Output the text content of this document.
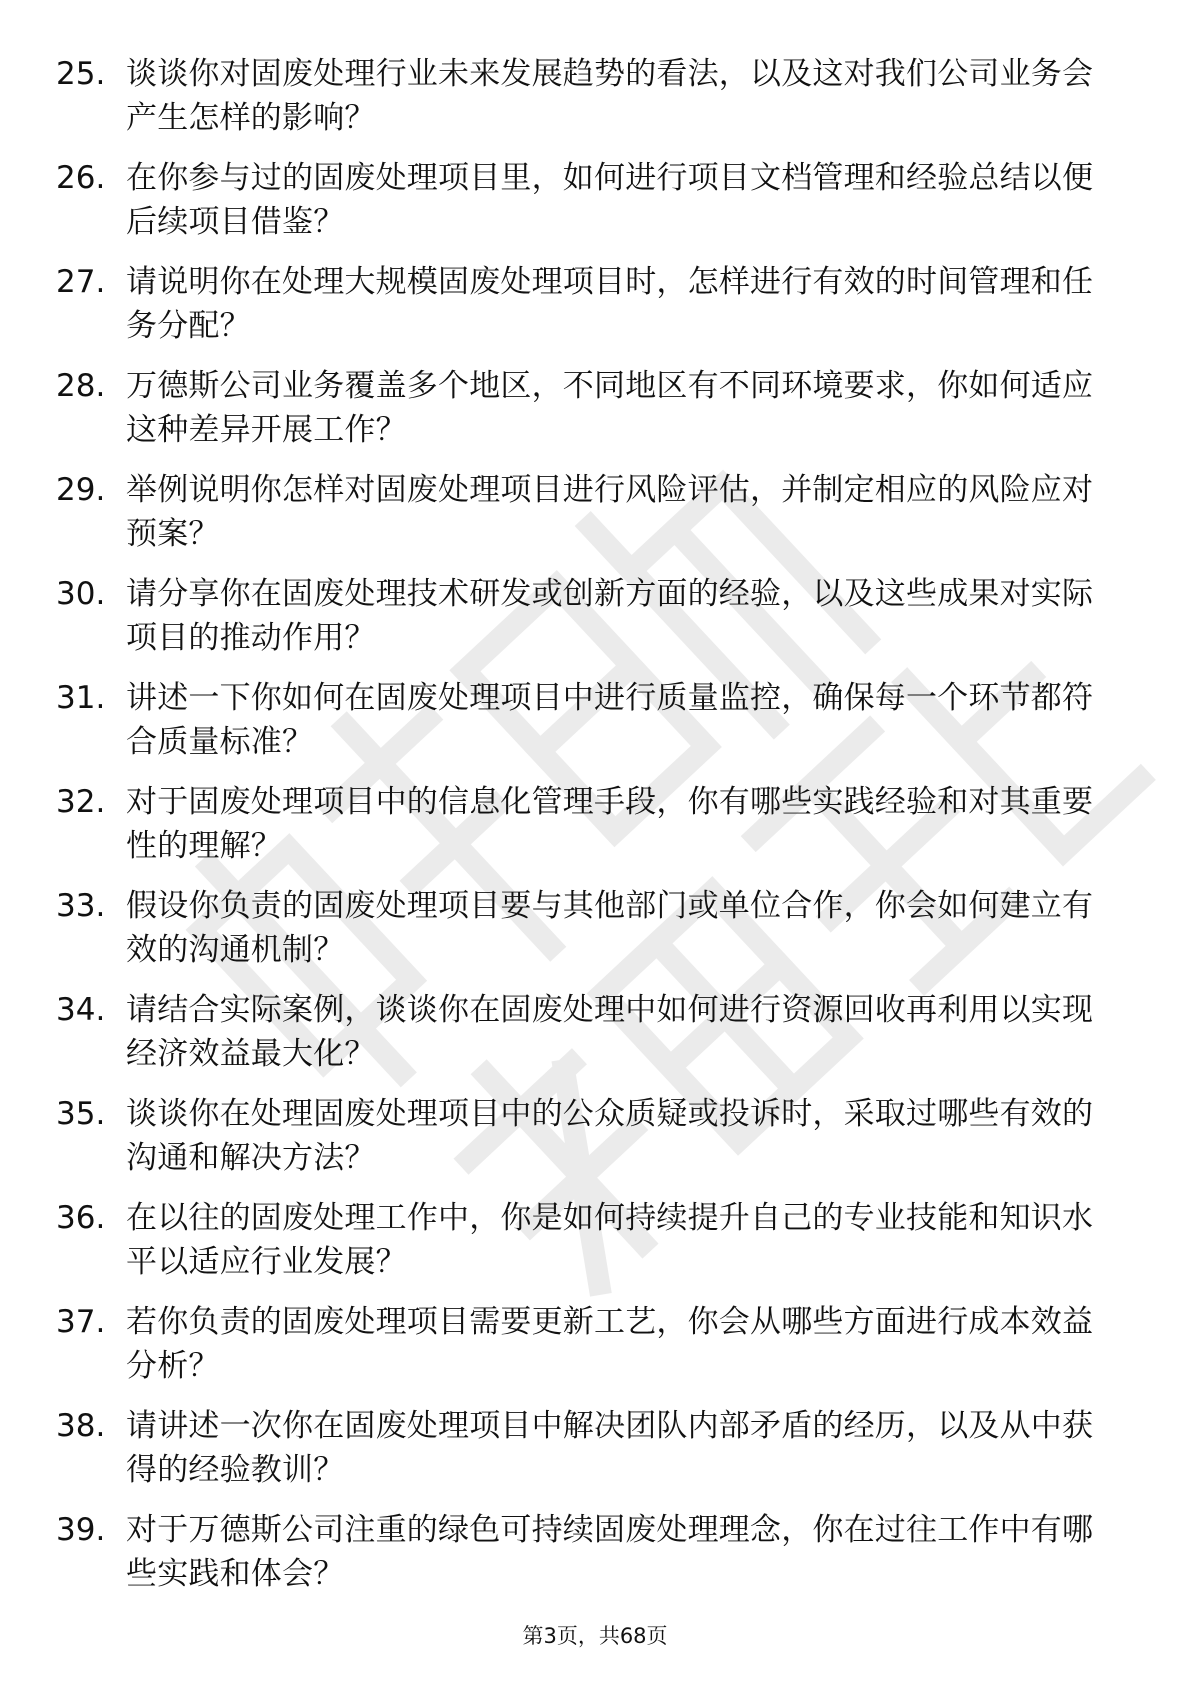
25. 谈谈你对固废处理行业未来发展趋势的看法，以及这对我们公司业务会产生怎样的影响？
26. 在你参与过的固废处理项目里，如何进行项目文档管理和经验总结以便后续项目借鉴？
27. 请说明你在处理大规模固废处理项目时，怎样进行有效的时间管理和任务分配？
28. 万德斯公司业务覆盖多个地区，不同地区有不同环境要求，你如何适应这种差异开展工作？
29. 举例说明你怎样对固废处理项目进行风险评估，并制定相应的风险应对预案？
30. 请分享你在固废处理技术研发或创新方面的经验，以及这些成果对实际项目的推动作用？
31. 讲述一下你如何在固废处理项目中进行质量监控，确保每一个环节都符合质量标准？
32. 对于固废处理项目中的信息化管理手段，你有哪些实践经验和对其重要性的理解？
33. 假设你负责的固废处理项目要与其他部门或单位合作，你会如何建立有效的沟通机制？
34. 请结合实际案例，谈谈你在固废处理中如何进行资源回收再利用以实现经济效益最大化？
35. 谈谈你在处理固废处理项目中的公众质疑或投诉时，采取过哪些有效的沟通和解决方法？
36. 在以往的固废处理工作中，你是如何持续提升自己的专业技能和知识水平以适应行业发展？
37. 若你负责的固废处理项目需要更新工艺，你会从哪些方面进行成本效益分析？
38. 请讲述一次你在固废处理项目中解决团队内部矛盾的经历，以及从中获得的经验教训？
39. 对于万德斯公司注重的绿色可持续固废处理理念，你在过往工作中有哪些实践和体会？
第3页，共68页
